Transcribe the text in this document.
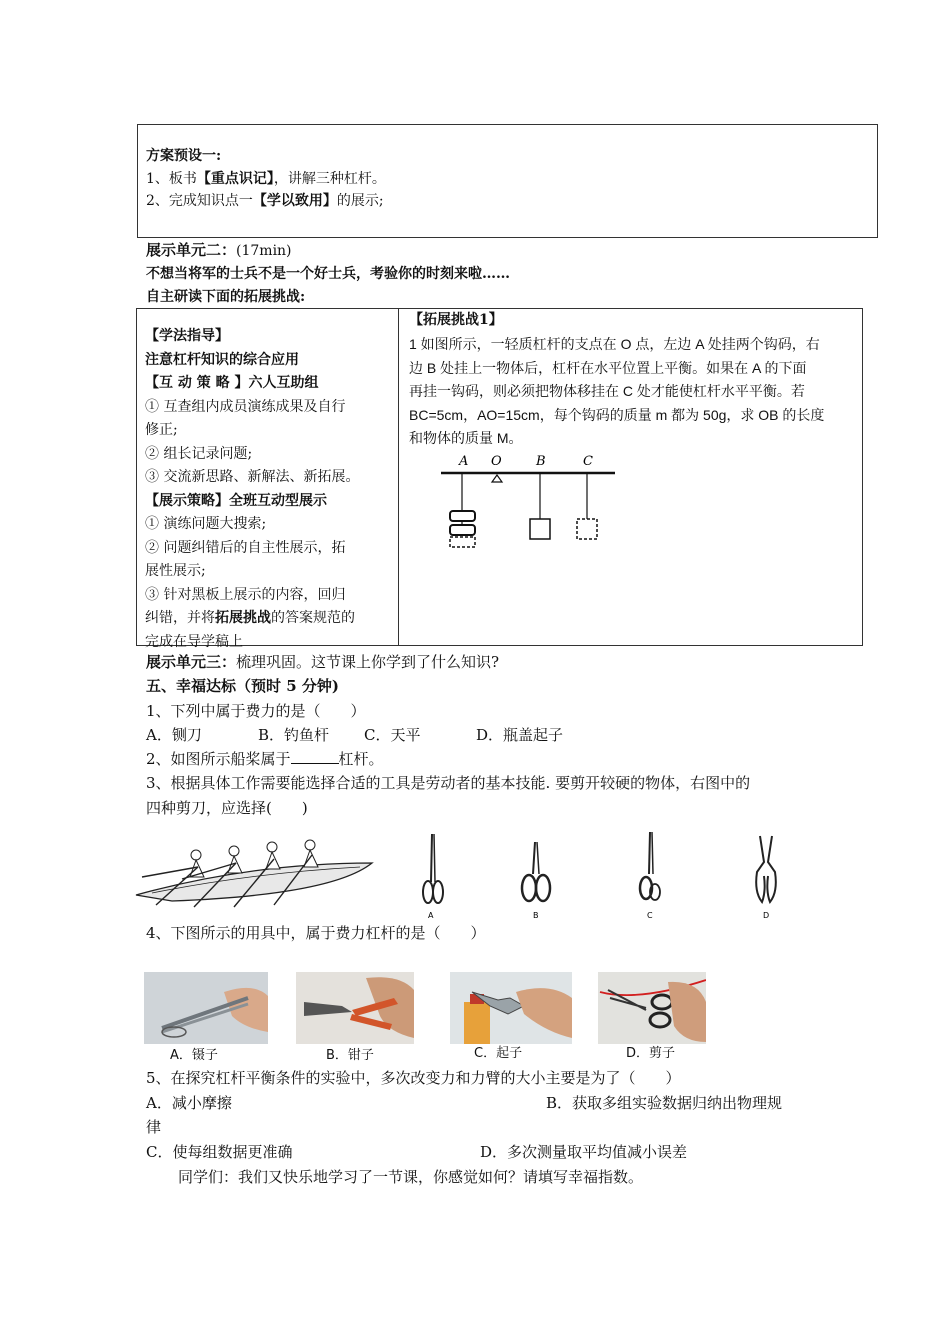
方案预设一:
1、板书【重点识记】，讲解三种杠杆。
2、完成知识点一【学以致用】的展示;
展示单元二：(17min)
不想当将军的士兵不是一个好士兵，考验你的时刻来啦……
自主研读下面的拓展挑战:
【学法指导】
注意杠杆知识的综合应用
【互 动 策 略 】六人互助组
① 互查组内成员演练成果及自行
修正;
② 组长记录问题;
③ 交流新思路、新解法、新拓展。
【展示策略】全班互动型展示
① 演练问题大搜索;
② 问题纠错后的自主性展示，拓
展性展示;
③ 针对黑板上展示的内容，回归
纠错，并将拓展挑战的答案规范的
完成在导学稿上
【拓展挑战1】
1 如图所示，一轻质杠杆的支点在 O 点，左边 A 处挂两个钩码，右
边 B 处挂上一物体后，杠杆在水平位置上平衡。如果在 A 的下面
再挂一钩码，则必须把物体移挂在 C 处才能使杠杆水平平衡。若
BC=5cm，AO=15cm，每个钩码的质量 m 都为 50g，求 OB 的长度
和物体的质量 M。
A O	B	C
展示单元三：梳理巩固。这节课上你学到了什么知识?
五、幸福达标（预时 5 分钟)
1、下列中属于费力的是（　　）
A．铡刀	B．钓鱼杆 C．天平	D．瓶盖起子
2、如图所示船桨属于	杠杆。
3、根据具体工作需要能选择合适的工具是劳动者的基本技能. 要剪开较硬的物体，右图中的
四种剪刀，应选择(　　)
A	B	C	D
4、下图所示的用具中，属于费力杠杆的是（　　）
A．镊子	B．钳子	C．起子	D．剪子
5、在探究杠杆平衡条件的实验中，多次改变力和力臂的大小主要是为了（　　）
A．减小摩擦	B．获取多组实验数据归纳出物理规
律
C．使每组数据更准确	D．多次测量取平均值减小误差
同学们：我们又快乐地学习了一节课，你感觉如何？请填写幸福指数。
